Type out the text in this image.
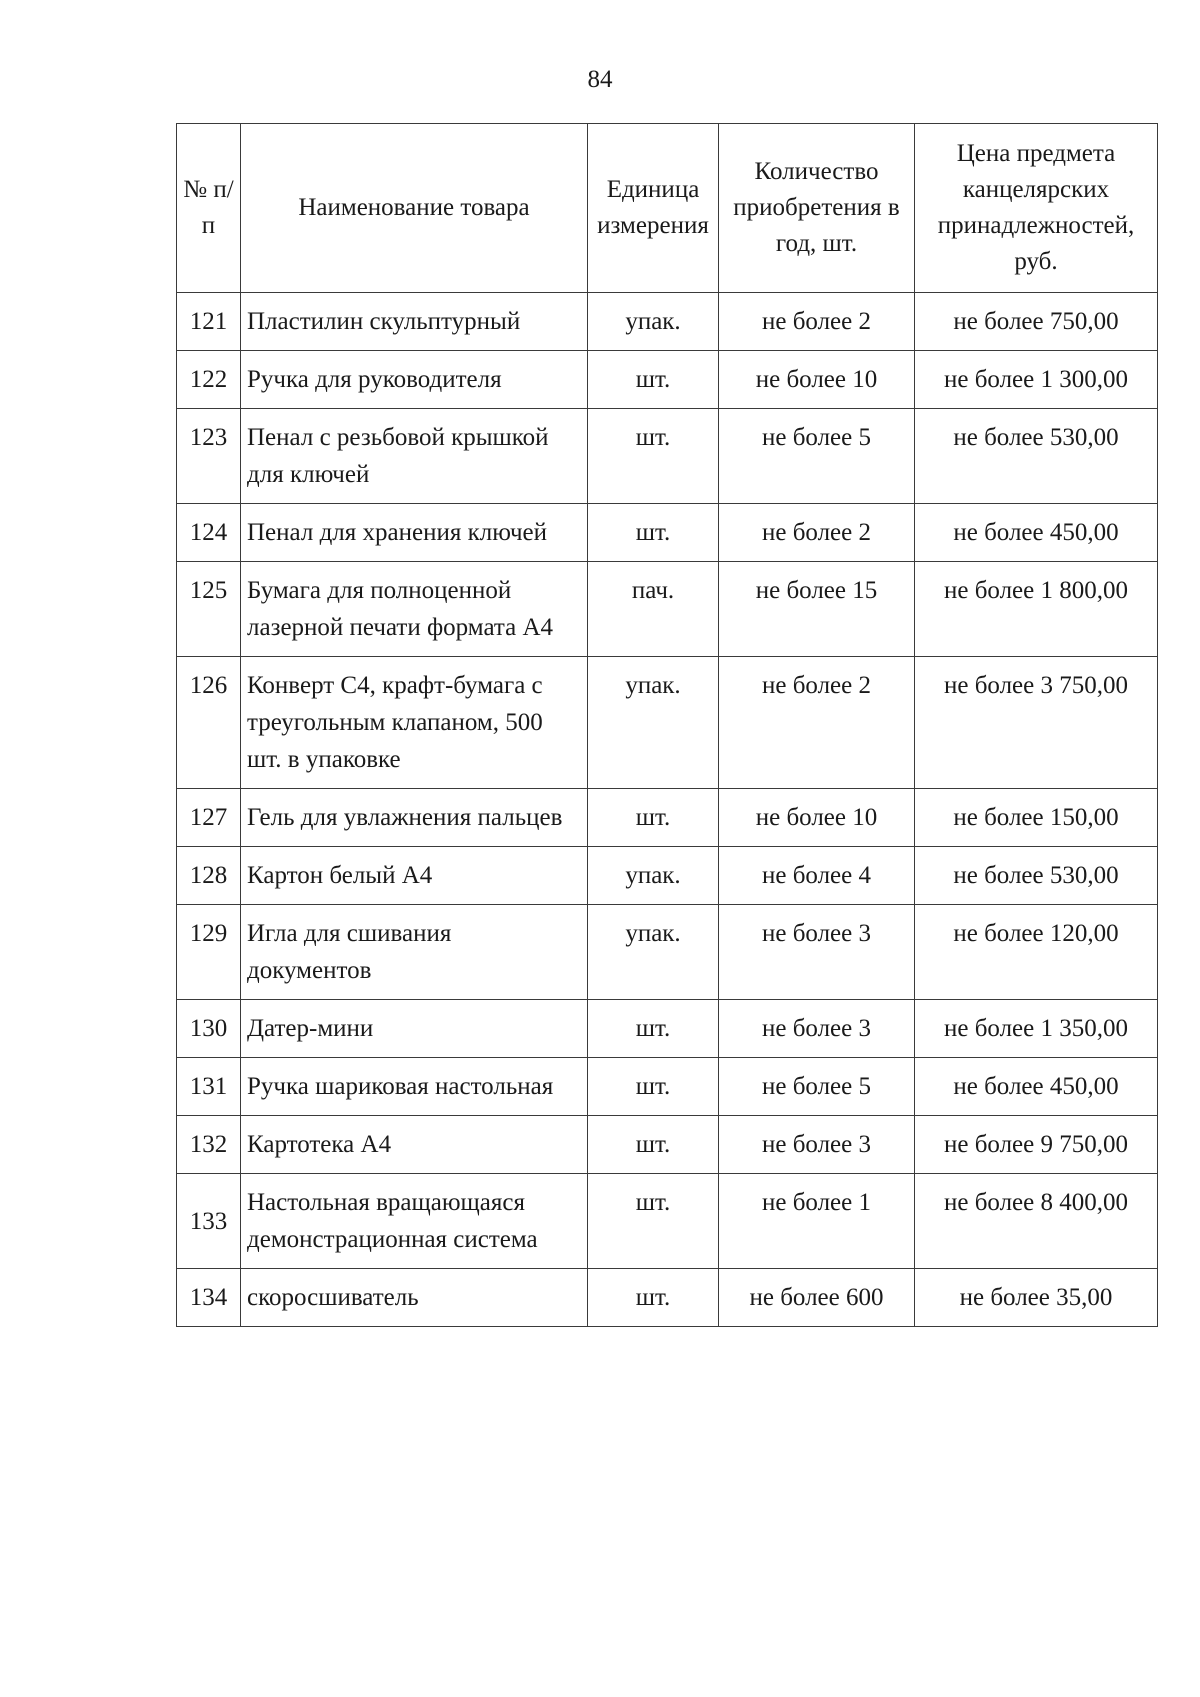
84
№ п/п	Наименование товара	Единица измерения	Количество приобретения в год, шт.	Цена предмета канцелярских принадлежностей, руб.
121	Пластилин скульптурный	упак.	не более 2	не более 750,00
122	Ручка для руководителя	шт.	не более 10	не более 1 300,00
123	Пенал с резьбовой крышкой для ключей	шт.	не более 5	не более 530,00
124	Пенал для хранения ключей	шт.	не более 2	не более 450,00
125	Бумага для полноценной лазерной печати формата А4	пач.	не более 15	не более 1 800,00
126	Конверт С4, крафт-бумага с треугольным клапаном, 500 шт. в упаковке	упак.	не более 2	не более 3 750,00
127	Гель для увлажнения пальцев	шт.	не более 10	не более 150,00
128	Картон белый А4	упак.	не более 4	не более 530,00
129	Игла для сшивания документов	упак.	не более 3	не более 120,00
130	Датер-мини	шт.	не более 3	не более 1 350,00
131	Ручка шариковая настольная	шт.	не более 5	не более 450,00
132	Картотека А4	шт.	не более 3	не более 9 750,00
133	Настольная вращающаяся демонстрационная система	шт.	не более 1	не более 8 400,00
134	скоросшиватель	шт.	не более 600	не более 35,00
